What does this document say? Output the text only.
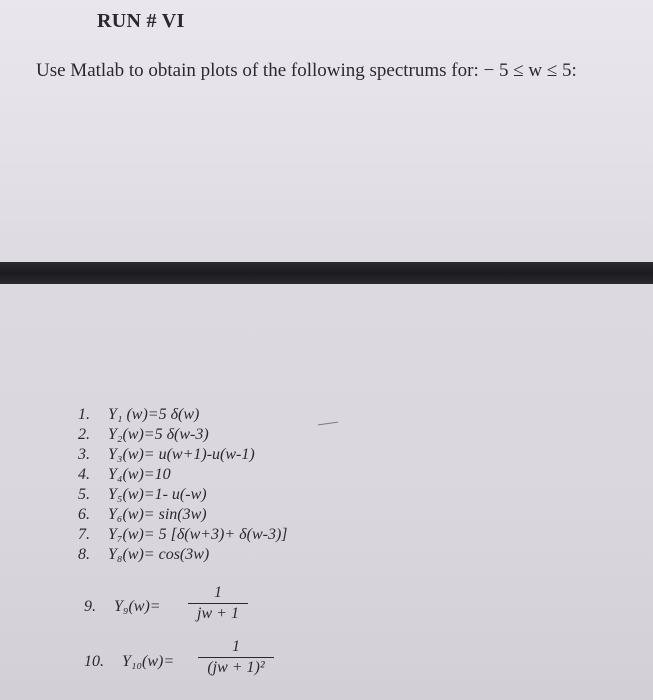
RUN # VI
Use Matlab to obtain plots of the following spectrums for: − 5 ≤ w ≤ 5:
1. Y₁ (w)=5 δ(w)
2. Y₂(w)=5 δ(w-3)
3. Y₃(w)= u(w+1)-u(w-1)
4. Y₄(w)=10
5. Y₅(w)=1- u(-w)
6. Y₆(w)= sin(3w)
7. Y₇(w)= 5 [δ(w+3)+ δ(w-3)]
8. Y₈(w)= cos(3w)
9. Y₉(w)=
1
jw + 1
10. Y₁₀(w)=
1
(jw + 1)²
